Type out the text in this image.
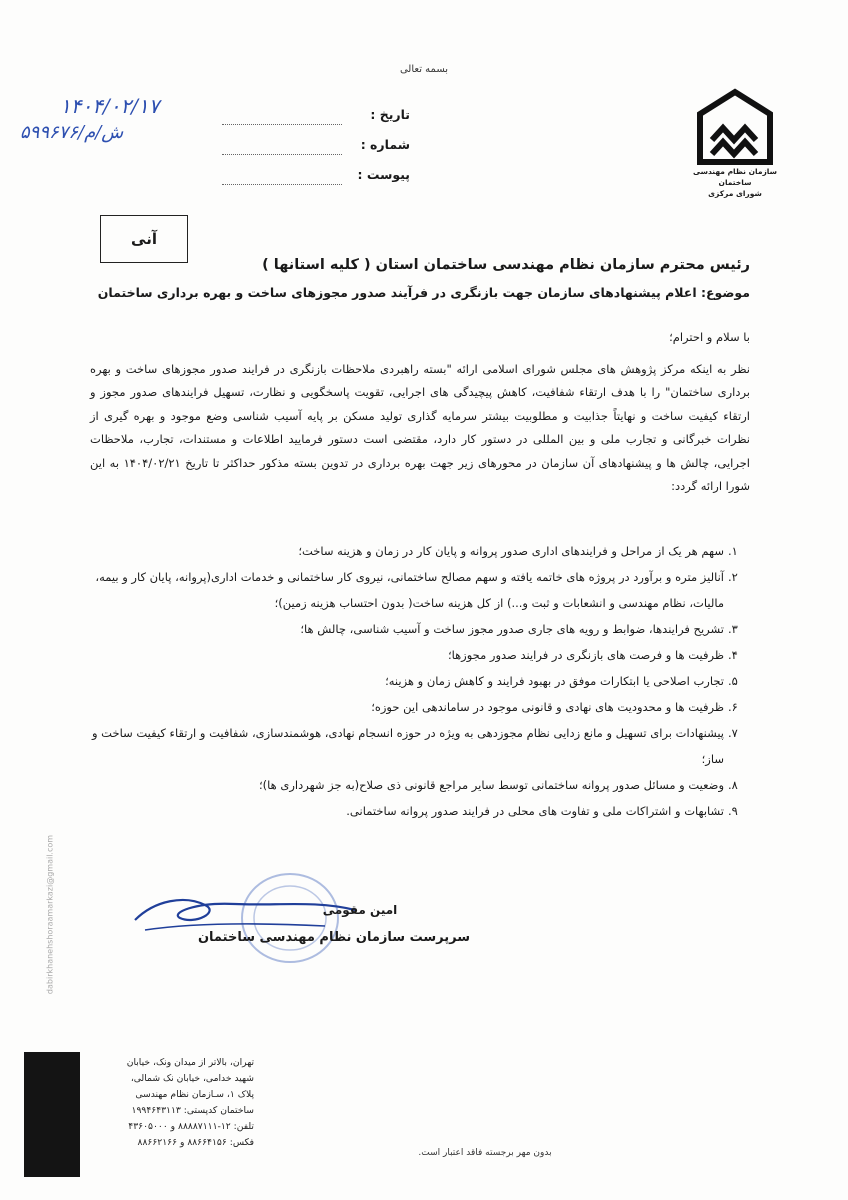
بسمه تعالی
سازمان نظام مهندسی ساختمان
شورای مرکزی
تاریخ :
شماره :
پیوست :
۱۴۰۴/۰۲/۱۷
۵۹۹۶۷۶/ش/م
آنی
رئیس محترم سازمان نظام مهندسی ساختمان استان ( کلیه استانها )
موضوع: اعلام پیشنهادهای سازمان جهت بازنگری در فرآیند صدور مجوزهای ساخت و بهره برداری ساختمان
با سلام و احترام؛
نظر به اینکه مرکز پژوهش های مجلس شورای اسلامی ارائه "بسته راهبردی ملاحظات بازنگری در فرایند صدور مجوزهای ساخت و بهره برداری ساختمان" را با هدف ارتقاء شفافیت، کاهش پیچیدگی های اجرایی، تقویت پاسخگویی و نظارت، تسهیل فرایندهای صدور مجوز و ارتقاء کیفیت ساخت و نهایتاً جذابیت و مطلوبیت بیشتر سرمایه گذاری تولید مسکن بر پایه آسیب شناسی وضع موجود و بهره گیری از نظرات خبرگانی و تجارب ملی و بین المللی در دستور کار دارد، مقتضی است دستور فرمایید اطلاعات و مستندات، تجارب، ملاحظات اجرایی، چالش ها و پیشنهادهای آن سازمان در محورهای زیر جهت بهره برداری در تدوین بسته مذکور حداکثر تا تاریخ ۱۴۰۴/۰۲/۲۱ به این شورا ارائه گردد:
۱.
سهم هر یک از مراحل و فرایندهای اداری صدور پروانه و پایان کار در زمان و هزینه ساخت؛
۲.
آنالیز متره و برآورد در پروژه های خاتمه یافته و سهم مصالح ساختمانی، نیروی کار ساختمانی و خدمات اداری(پروانه، پایان کار و بیمه، مالیات، نظام مهندسی و انشعابات و ثبت و...) از کل هزینه ساخت( بدون احتساب هزینه زمین)؛
۳.
تشریح فرایندها، ضوابط و رویه های جاری صدور مجوز ساخت و آسیب شناسی، چالش ها؛
۴.
ظرفیت ها و فرصت های بازنگری در فرایند صدور مجوزها؛
۵.
تجارب اصلاحی یا ابتکارات موفق در بهبود فرایند و کاهش زمان و هزینه؛
۶.
ظرفیت ها و محدودیت های نهادی و قانونی موجود در ساماندهی این حوزه؛
۷.
پیشنهادات برای تسهیل و مانع زدایی نظام مجوزدهی به ویژه در حوزه انسجام نهادی، هوشمندسازی، شفافیت و ارتقاء کیفیت ساخت و ساز؛
۸.
وضعیت و مسائل صدور پروانه ساختمانی توسط سایر مراجع قانونی ذی صلاح(به جز شهرداری ها)؛
۹.
تشابهات و اشتراکات ملی و تفاوت های محلی در فرایند صدور پروانه ساختمانی.
امین مقومی
سرپرست سازمان نظام مهندسی ساختمان
dabirkhanehshoraamarkazi@gmail.com
تهران، بالاتر از میدان ونک، خیابان
شهید خدامی، خیابان نک شمالی،
پلاک ۱، سـازمان نظام مهندسی
ساختمان کدپستی: ۱۹۹۴۶۴۳۱۱۳
تلفن: ۱۲-۸۸۸۸۷۱۱۱ و ۴۳۶۰۵۰۰۰
فکس: ۸۸۶۶۴۱۵۶ و ۸۸۶۶۲۱۶۶
بدون مهر برجسته فاقد اعتبار است.
